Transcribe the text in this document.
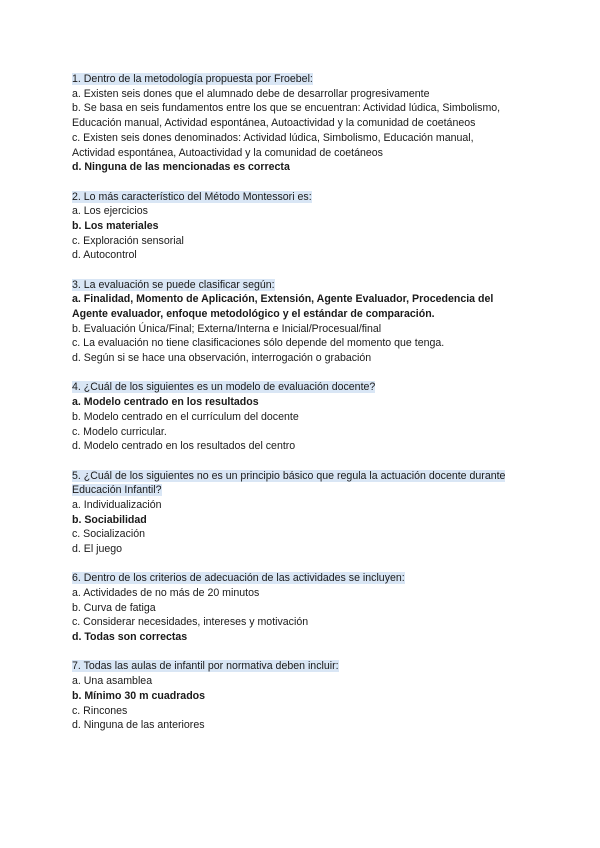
1. Dentro de la metodología propuesta por Froebel:
a. Existen seis dones que el alumnado debe de desarrollar progresivamente
b. Se basa en seis fundamentos entre los que se encuentran: Actividad lúdica, Simbolismo,
Educación manual, Actividad espontánea, Autoactividad y la comunidad de coetáneos
c. Existen seis dones denominados: Actividad lúdica, Simbolismo, Educación manual,
Actividad espontánea, Autoactividad y la comunidad de coetáneos
d. Ninguna de las mencionadas es correcta
2. Lo más característico del Método Montessori es:
a. Los ejercicios
b. Los materiales
c. Exploración sensorial
d. Autocontrol
3. La evaluación se puede clasificar según:
a. Finalidad, Momento de Aplicación, Extensión, Agente Evaluador, Procedencia del
Agente evaluador, enfoque metodológico y el estándar de comparación.
b. Evaluación Única/Final; Externa/Interna e Inicial/Procesual/final
c. La evaluación no tiene clasificaciones sólo depende del momento que tenga.
d. Según si se hace una observación, interrogación o grabación
4. ¿Cuál de los siguientes es un modelo de evaluación docente?
a. Modelo centrado en los resultados
b. Modelo centrado en el currículum del docente
c. Modelo curricular.
d. Modelo centrado en los resultados del centro
5. ¿Cuál de los siguientes no es un principio básico que regula la actuación docente durante
Educación Infantil?
a. Individualización
b. Sociabilidad
c. Socialización
d. El juego
6. Dentro de los criterios de adecuación de las actividades se incluyen:
a. Actividades de no más de 20 minutos
b. Curva de fatiga
c. Considerar necesidades, intereses y motivación
d. Todas son correctas
7. Todas las aulas de infantil por normativa deben incluir:
a. Una asamblea
b. Mínimo 30 m cuadrados
c. Rincones
d. Ninguna de las anteriores
